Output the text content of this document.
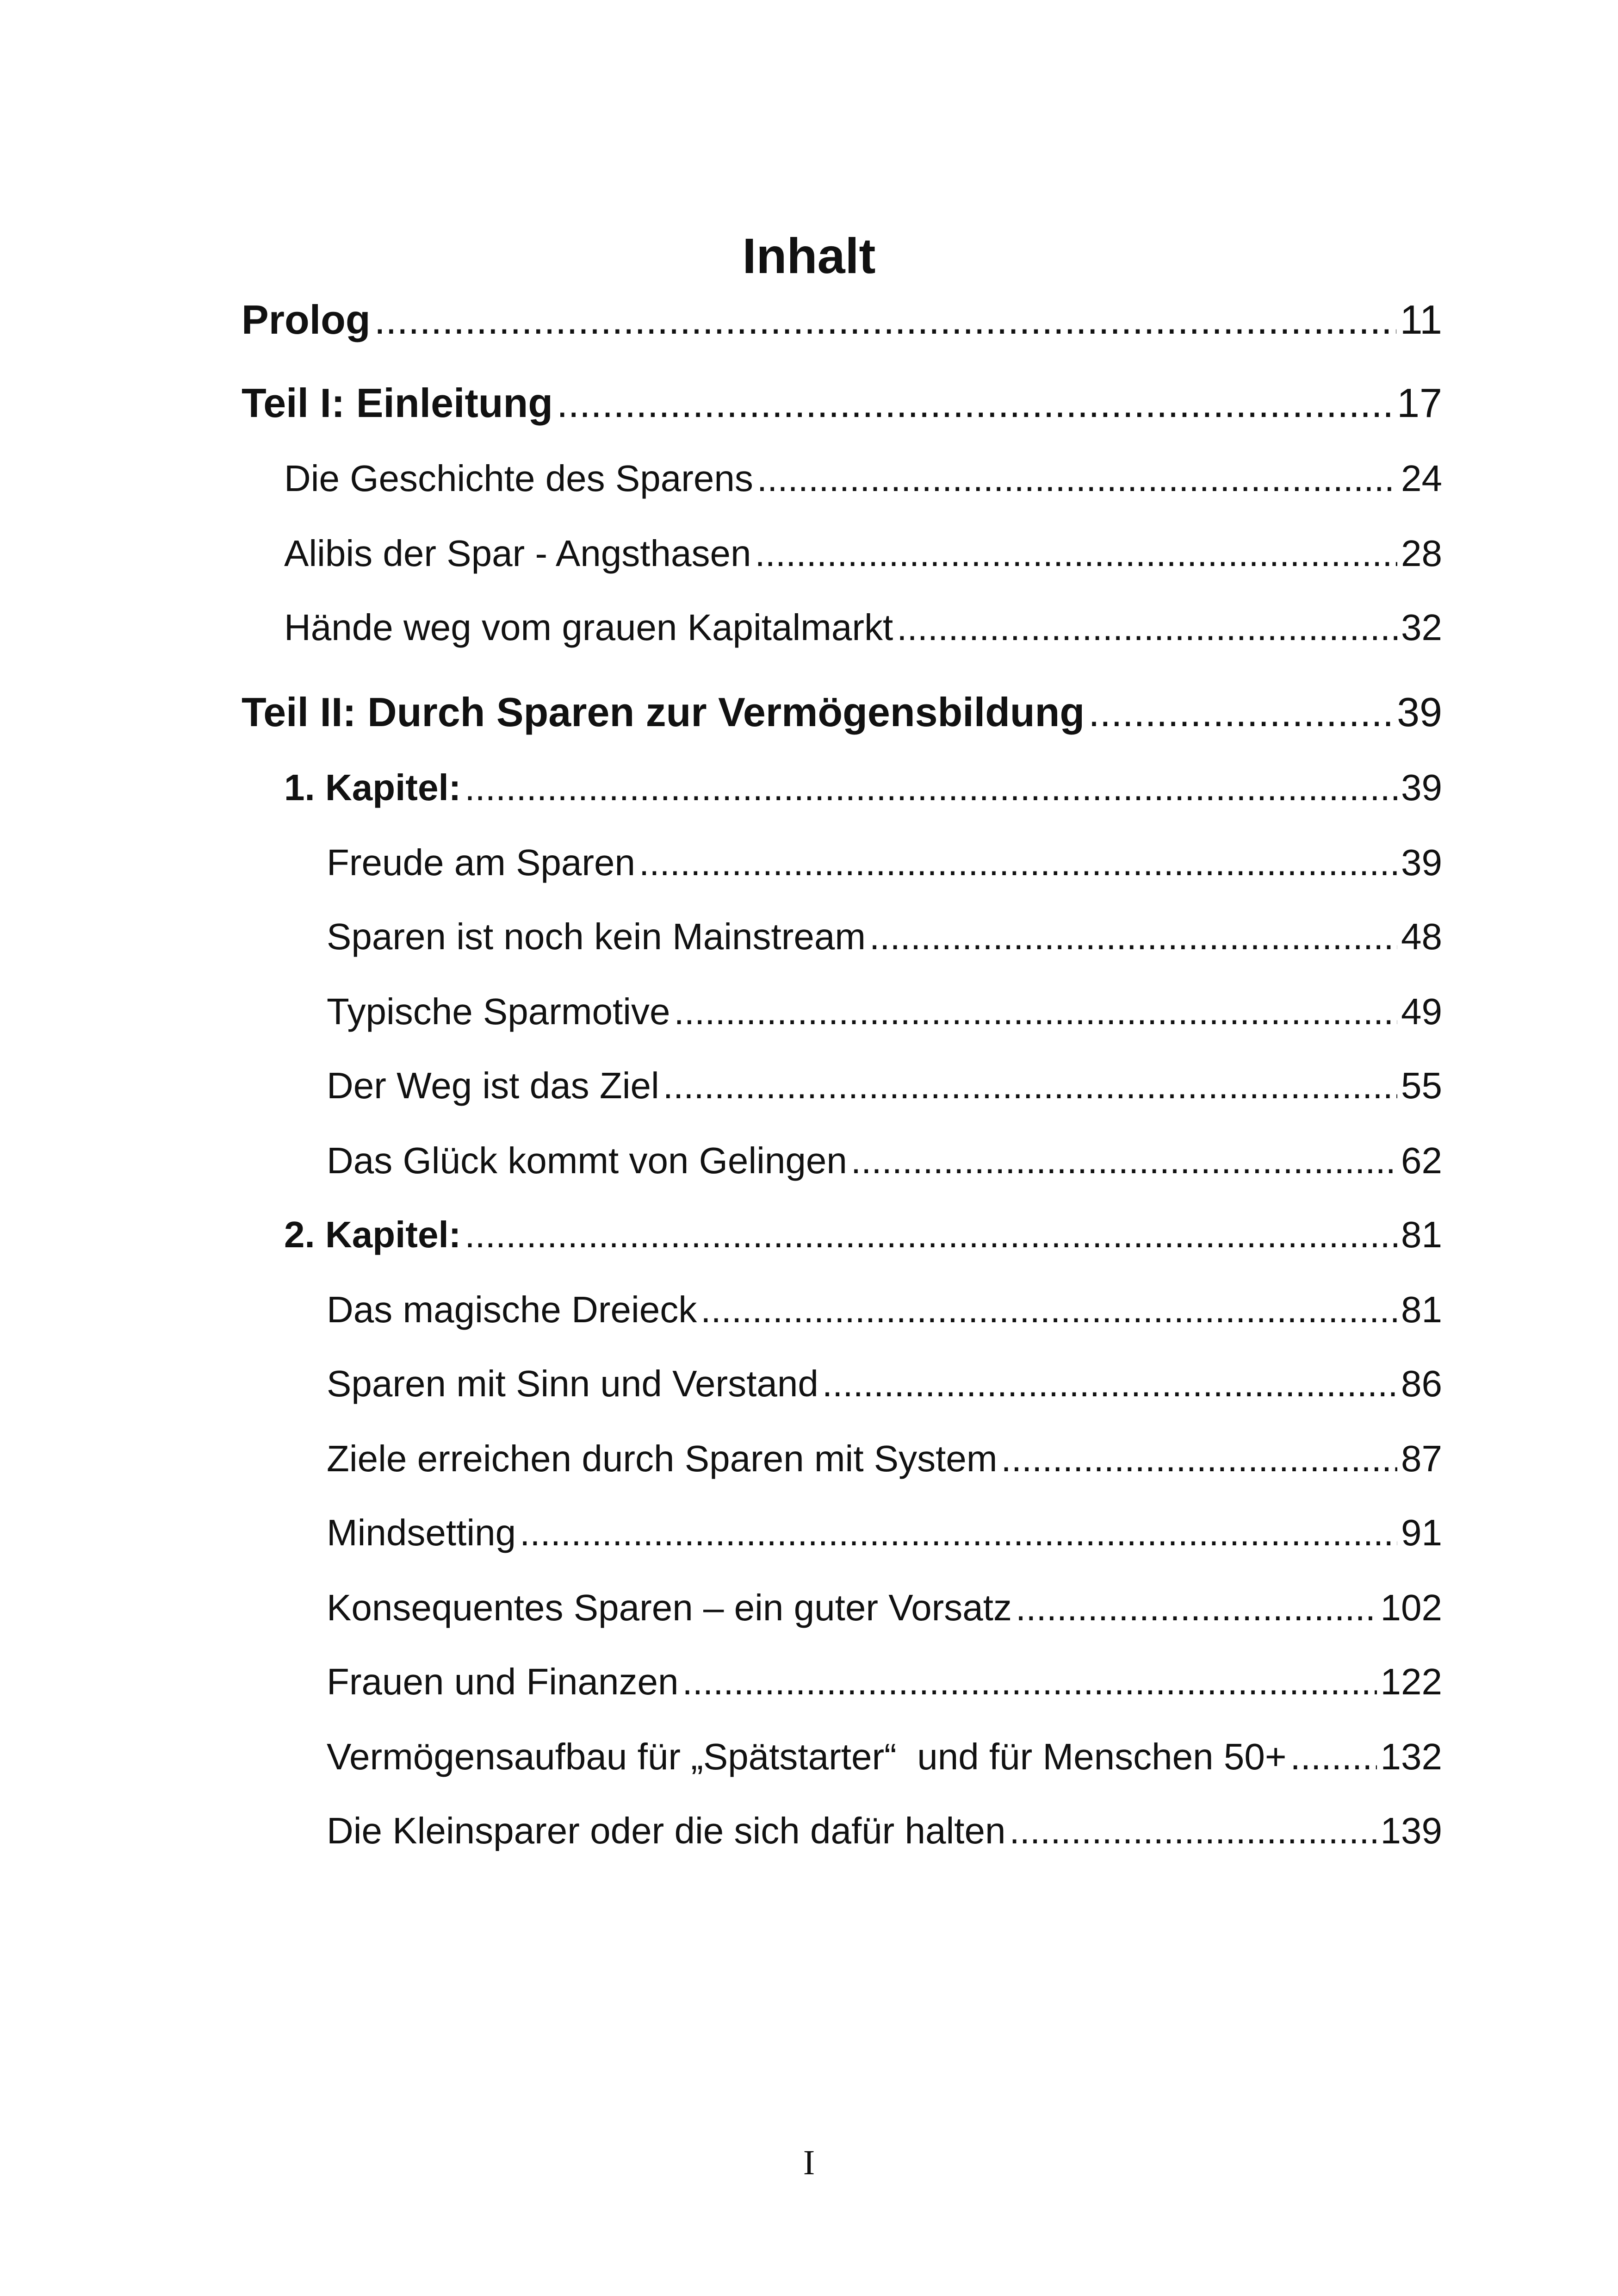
Inhalt
Prolog .....	11
Teil I: Einleitung .....	17
Die Geschichte des Sparens .....	24
Alibis der Spar - Angsthasen .....	28
Hände weg vom grauen Kapitalmarkt .....	32
Teil II: Durch Sparen zur Vermögensbildung .....	39
1. Kapitel: .....	39
Freude am Sparen .....	39
Sparen ist noch kein Mainstream .....	48
Typische Sparmotive .....	49
Der Weg ist das Ziel .....	55
Das Glück kommt von Gelingen .....	62
2. Kapitel: .....	81
Das magische Dreieck .....	81
Sparen mit Sinn und Verstand .....	86
Ziele erreichen durch Sparen mit System .....	87
Mindsetting .....	91
Konsequentes Sparen – ein guter Vorsatz .....	102
Frauen und Finanzen .....	122
Vermögensaufbau für „Spätstarter“  und für Menschen 50+ .....	132
Die Kleinsparer oder die sich dafür halten .....	139
I
